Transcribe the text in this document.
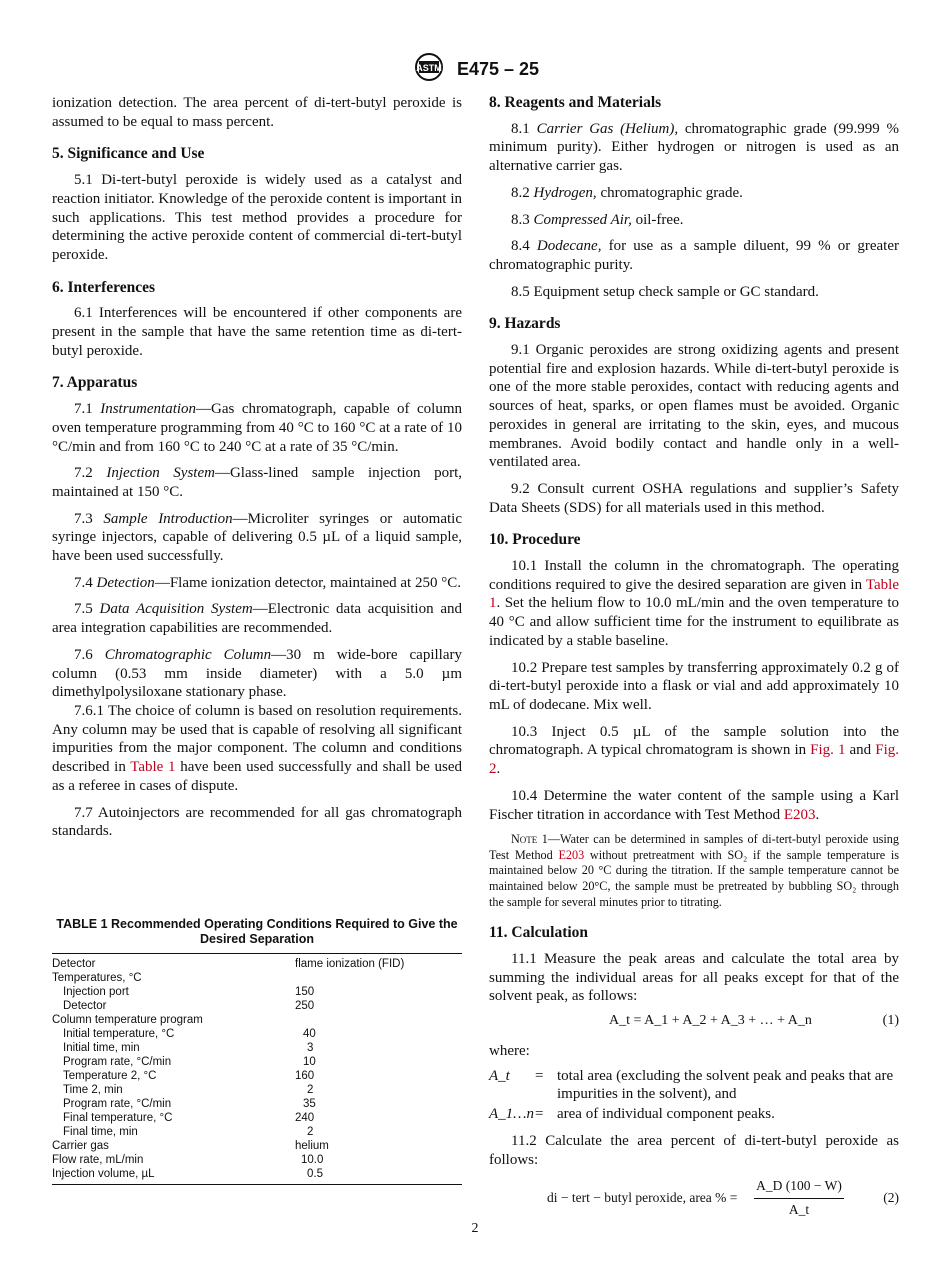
ASTM E475 – 25

ionization detection. The area percent of di-tert-butyl peroxide is assumed to be equal to mass percent.

5. Significance and Use

5.1 Di-tert-butyl peroxide is widely used as a catalyst and reaction initiator. Knowledge of the peroxide content is important in such applications. This test method provides a procedure for determining the active peroxide content of commercial di-tert-butyl peroxide.

6. Interferences

6.1 Interferences will be encountered if other components are present in the sample that have the same retention time as di-tert-butyl peroxide.

7. Apparatus

7.1 Instrumentation—Gas chromatograph, capable of column oven temperature programming from 40 °C to 160 °C at a rate of 10 °C/min and from 160 °C to 240 °C at a rate of 35 °C/min.

7.2 Injection System—Glass-lined sample injection port, maintained at 150 °C.

7.3 Sample Introduction—Microliter syringes or automatic syringe injectors, capable of delivering 0.5 µL of a liquid sample, have been used successfully.

7.4 Detection—Flame ionization detector, maintained at 250 °C.

7.5 Data Acquisition System—Electronic data acquisition and area integration capabilities are recommended.

7.6 Chromatographic Column—30 m wide-bore capillary column (0.53 mm inside diameter) with a 5.0 µm dimethylpolysiloxane stationary phase.

7.6.1 The choice of column is based on resolution requirements. Any column may be used that is capable of resolving all significant impurities from the major component. The column and conditions described in Table 1 have been used successfully and shall be used as a referee in cases of dispute.

7.7 Autoinjectors are recommended for all gas chromatograph standards.

TABLE 1 Recommended Operating Conditions Required to Give the Desired Separation
Detector	flame ionization (FID)
Temperatures, °C	
Injection port	150
Detector	250
Column temperature program	
Initial temperature, °C	40
Initial time, min	3
Program rate, °C/min	10
Temperature 2, °C	160
Time 2, min	2
Program rate, °C/min	35
Final temperature, °C	240
Final time, min	2
Carrier gas	helium
Flow rate, mL/min	10.0
Injection volume, µL	0.5
8. Reagents and Materials

8.1 Carrier Gas (Helium), chromatographic grade (99.999 % minimum purity). Either hydrogen or nitrogen is used as an alternative carrier gas.

8.2 Hydrogen, chromatographic grade.

8.3 Compressed Air, oil-free.

8.4 Dodecane, for use as a sample diluent, 99 % or greater chromatographic purity.

8.5 Equipment setup check sample or GC standard.

9. Hazards

9.1 Organic peroxides are strong oxidizing agents and present potential fire and explosion hazards. While di-tert-butyl peroxide is one of the more stable peroxides, contact with reducing agents and sources of heat, sparks, or open flames must be avoided. Organic peroxides in general are irritating to the skin, eyes, and mucous membranes. Avoid bodily contact and handle only in a well-ventilated area.

9.2 Consult current OSHA regulations and supplier’s Safety Data Sheets (SDS) for all materials used in this method.

10. Procedure

10.1 Install the column in the chromatograph. The operating conditions required to give the desired separation are given in Table 1. Set the helium flow to 10.0 mL/min and the oven temperature to 40 °C and allow sufficient time for the instrument to equilibrate as indicated by a stable baseline.

10.2 Prepare test samples by transferring approximately 0.2 g of di-tert-butyl peroxide into a flask or vial and add approximately 10 mL of dodecane. Mix well.

10.3 Inject 0.5 µL of the sample solution into the chromatograph. A typical chromatogram is shown in Fig. 1 and Fig. 2.

10.4 Determine the water content of the sample using a Karl Fischer titration in accordance with Test Method E203.

Note 1—Water can be determined in samples of di-tert-butyl peroxide using Test Method E203 without pretreatment with SO₂ if the sample temperature is maintained below 20 °C during the titration. If the sample temperature cannot be maintained below 20°C, the sample must be pretreated by bubbling SO₂ through the sample for several minutes prior to titrating.

11. Calculation

11.1 Measure the peak areas and calculate the total area by summing the individual areas for all peaks except for that of the solvent peak, as follows:

A_t = A_1 + A_2 + A_3 + … + A_n	(1)

where:

A_t	= total area (excluding the solvent peak and peaks that are impurities in the solvent), and
A_1…n = area of individual component peaks.

11.2 Calculate the area percent of di-tert-butyl peroxide as follows:

di − tert − butyl peroxide, area % =
A_D (100 − W)
A_t
(2)
2
